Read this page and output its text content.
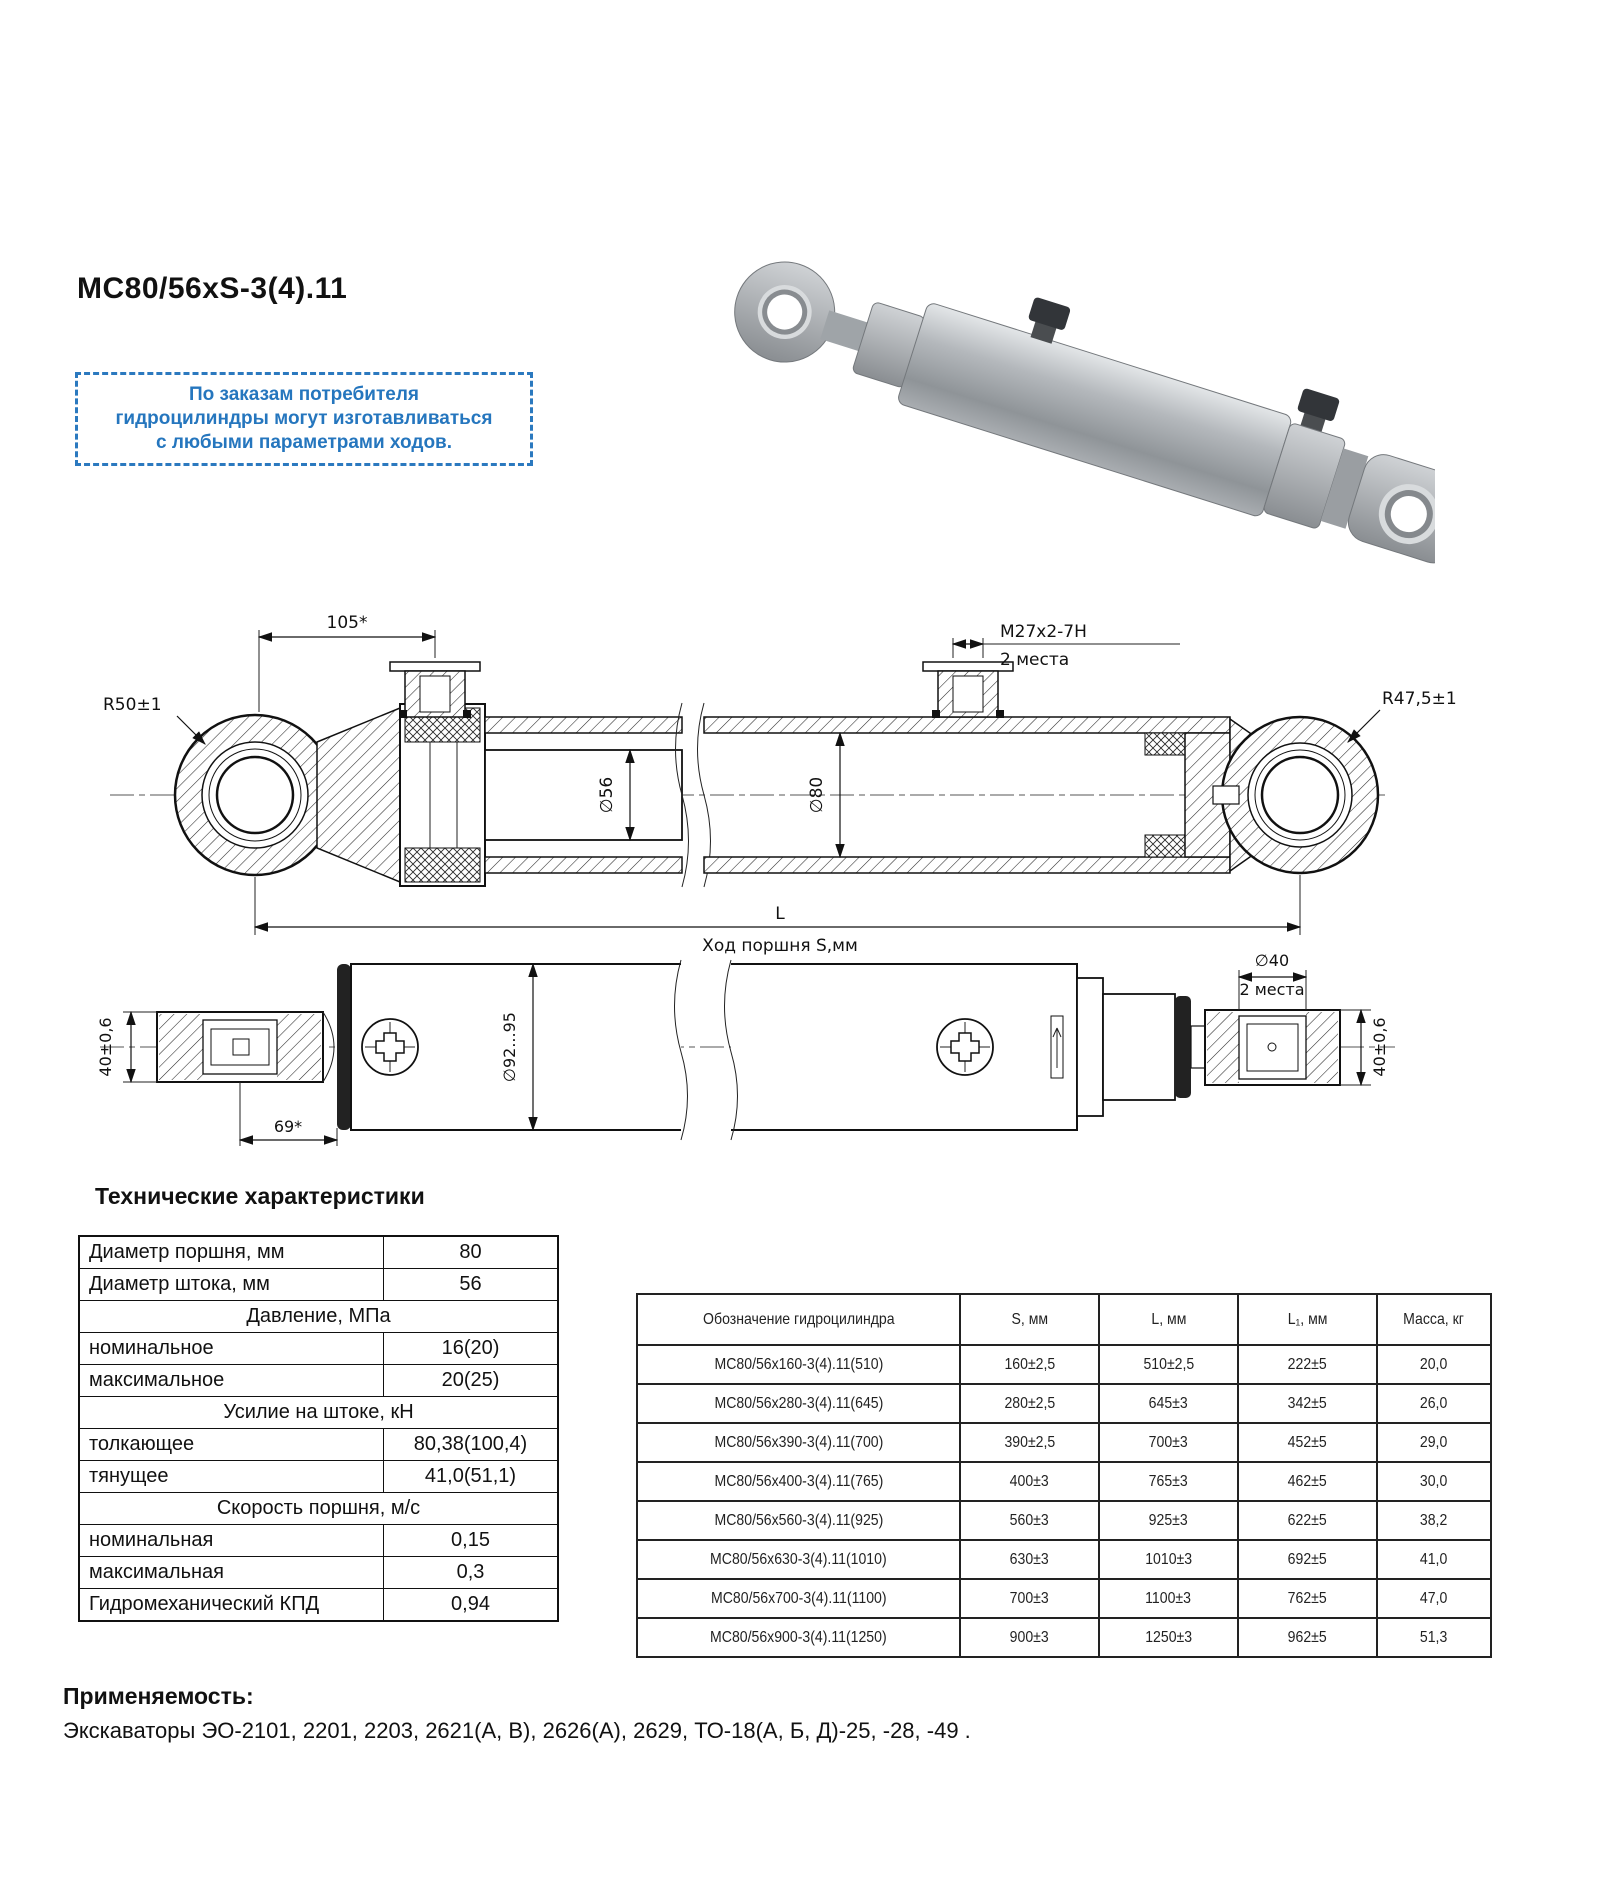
МС80/56хS-3(4).11
По заказам потребителя
гидроцилиндры могут изготавливаться
с любыми параметрами ходов.
105*
R50±1
∅56	∅80
М27х2-7Н
2 места
R47,5±1
L
Ход поршня S,мм
40±0,6
69*
∅92...95
∅40
2 места
40±0,6
Технические характеристики
Диаметр поршня, мм	80
Диаметр штока, мм	56
Давление, МПа	
номинальное	16(20)
максимальное	20(25)
Усилие на штоке, кН	
толкающее	80,38(100,4)
тянущее	41,0(51,1)
Скорость поршня, м/с	
номинальная	0,15
максимальная	0,3
Гидромеханический КПД	0,94
Обозначение гидроцилиндра	S, мм	L, мм	L₁, мм	Масса, кг
МС80/56х160-3(4).11(510)	160±2,5	510±2,5	222±5	20,0
МС80/56х280-3(4).11(645)	280±2,5	645±3	342±5	26,0
МС80/56х390-3(4).11(700)	390±2,5	700±3	452±5	29,0
МС80/56х400-3(4).11(765)	400±3	765±3	462±5	30,0
МС80/56х560-3(4).11(925)	560±3	925±3	622±5	38,2
МС80/56х630-3(4).11(1010)	630±3	1010±3	692±5	41,0
МС80/56х700-3(4).11(1100)	700±3	1100±3	762±5	47,0
МС80/56х900-3(4).11(1250)	900±3	1250±3	962±5	51,3
Применяемость:
Экскаваторы ЭО-2101, 2201, 2203, 2621(А, В), 2626(А), 2629, ТО-18(А, Б, Д)-25, -28, -49 .
